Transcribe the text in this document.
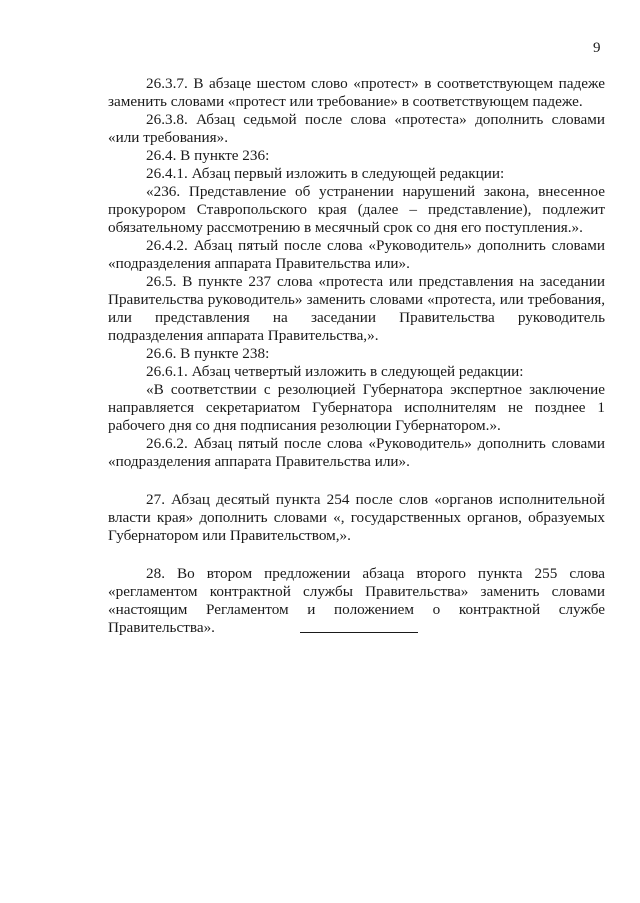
9

26.3.7. В абзаце шестом слово «протест» в соответствующем падеже заменить словами «протест или требование» в соответствующем падеже.

26.3.8. Абзац седьмой после слова «протеста» дополнить словами «или требования».

26.4. В пункте 236:

26.4.1. Абзац первый изложить в следующей редакции:

«236. Представление об устранении нарушений закона, внесенное прокурором Ставропольского края (далее – представление), подлежит обязательному рассмотрению в месячный срок со дня его поступления.».

26.4.2. Абзац пятый после слова «Руководитель» дополнить словами «подразделения аппарата Правительства или».

26.5. В пункте 237 слова «протеста или представления на заседании Правительства руководитель» заменить словами «протеста, или требования, или представления на заседании Правительства руководитель подразделения аппарата Правительства,».

26.6. В пункте 238:

26.6.1. Абзац четвертый изложить в следующей редакции:

«В соответствии с резолюцией Губернатора экспертное заключение направляется секретариатом Губернатора исполнителям не позднее 1 рабочего дня со дня подписания резолюции Губернатором.».

26.6.2. Абзац пятый после слова «Руководитель» дополнить словами «подразделения аппарата Правительства или».

27. Абзац десятый пункта 254 после слов «органов исполнительной власти края» дополнить словами «, государственных органов, образуемых Губернатором или Правительством,».

28. Во втором предложении абзаца второго пункта 255 слова «регламентом контрактной службы Правительства» заменить словами «настоящим Регламентом и положением о контрактной службе Правительства».
